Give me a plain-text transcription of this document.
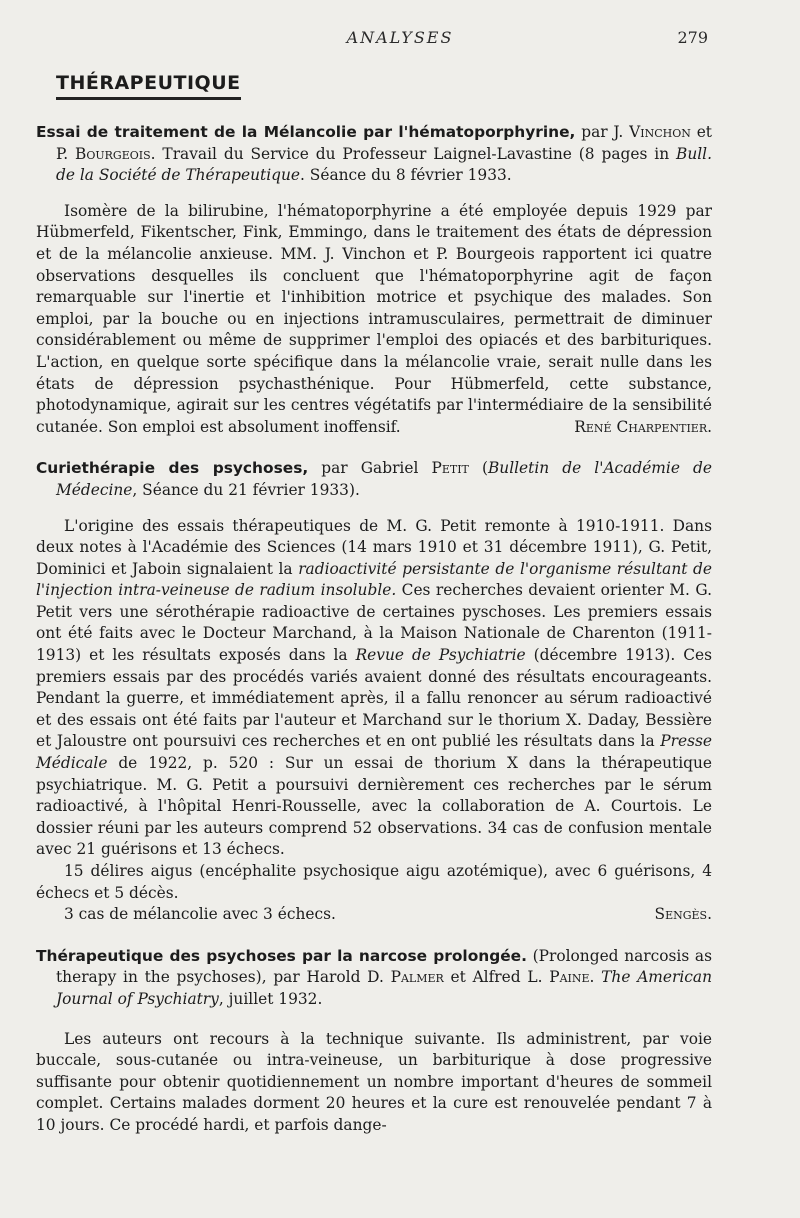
ANALYSES	279
THÉRAPEUTIQUE

Essai de traitement de la Mélancolie par l'hématoporphyrine, par J. Vinchon et P. Bourgeois. Travail du Service du Professeur Laignel-Lavastine (8 pages in Bull. de la Société de Thérapeutique. Séance du 8 février 1933.

Isomère de la bilirubine, l'hématoporphyrine a été employée depuis 1929 par Hübmerfeld, Fikentscher, Fink, Emmingo, dans le traitement des états de dépression et de la mélancolie anxieuse. MM. J. Vinchon et P. Bourgeois rapportent ici quatre observations desquelles ils concluent que l'hématoporphyrine agit de façon remarquable sur l'inertie et l'inhibition motrice et psychique des malades. Son emploi, par la bouche ou en injections intramusculaires, permettrait de diminuer considérablement ou même de supprimer l'emploi des opiacés et des barbituriques. L'action, en quelque sorte spécifique dans la mélancolie vraie, serait nulle dans les états de dépression psychasthénique. Pour Hübmerfeld, cette substance, photodynamique, agirait sur les centres végétatifs par l'intermédiaire de la sensibilité cutanée. Son emploi est absolument inoffensif.	René Charpentier.

Curiethérapie des psychoses, par Gabriel Petit (Bulletin de l'Académie de Médecine, Séance du 21 février 1933).

L'origine des essais thérapeutiques de M. G. Petit remonte à 1910-1911. Dans deux notes à l'Académie des Sciences (14 mars 1910 et 31 décembre 1911), G. Petit, Dominici et Jaboin signalaient la radioactivité persistante de l'organisme résultant de l'injection intra-veineuse de radium insoluble. Ces recherches devaient orienter M. G. Petit vers une sérothérapie radioactive de certaines pyschoses. Les premiers essais ont été faits avec le Docteur Marchand, à la Maison Nationale de Charenton (1911-1913) et les résultats exposés dans la Revue de Psychiatrie (décembre 1913). Ces premiers essais par des procédés variés avaient donné des résultats encourageants. Pendant la guerre, et immédiatement après, il a fallu renoncer au sérum radioactivé et des essais ont été faits par l'auteur et Marchand sur le thorium X. Daday, Bessière et Jaloustre ont poursuivi ces recherches et en ont publié les résultats dans la Presse Médicale de 1922, p. 520 : Sur un essai de thorium X dans la thérapeutique psychiatrique. M. G. Petit a poursuivi dernièrement ces recherches par le sérum radioactivé, à l'hôpital Henri-Rousselle, avec la collaboration de A. Courtois. Le dossier réuni par les auteurs comprend 52 observations. 34 cas de confusion mentale avec 21 guérisons et 13 échecs.

15 délires aigus (encéphalite psychosique aigu azotémique), avec 6 guérisons, 4 échecs et 5 décès.

3 cas de mélancolie avec 3 échecs.	Sengès.

Thérapeutique des psychoses par la narcose prolongée. (Prolonged narcosis as therapy in the psychoses), par Harold D. Palmer et Alfred L. Paine. The American Journal of Psychiatry, juillet 1932.

Les auteurs ont recours à la technique suivante. Ils administrent, par voie buccale, sous-cutanée ou intra-veineuse, un barbiturique à dose progressive suffisante pour obtenir quotidiennement un nombre important d'heures de sommeil complet. Certains malades dorment 20 heures et la cure est renouvelée pendant 7 à 10 jours. Ce procédé hardi, et parfois dange-
